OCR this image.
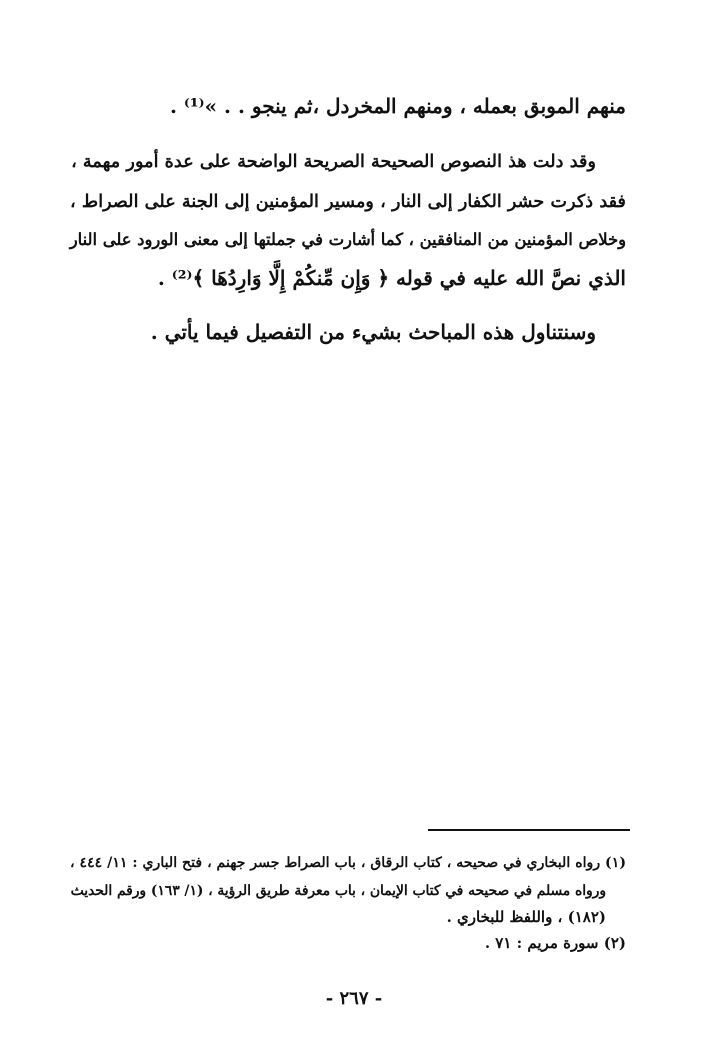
منهم الموبق بعمله ، ومنهم المخردل ،ثم ينجو . . »⁽¹⁾ .
وقد دلت هذ النصوص الصحيحة الصريحة الواضحة على عدة أمور مهمة ،
فقد ذكرت حشر الكفار إلى النار ، ومسير المؤمنين إلى الجنة على الصراط ،
وخلاص المؤمنين من المنافقين ، كما أشارت في جملتها إلى معنى الورود على النار
الذي نصَّ الله عليه في قوله ﴿ وَإِن مِّنكُمْ إِلَّا وَارِدُهَا ﴾⁽²⁾ .
وسنتناول هذه المباحث بشيء من التفصيل فيما يأتي .
(١) رواه البخاري في صحيحه ، كتاب الرقاق ، باب الصراط جسر جهنم ، فتح الباري : ١١/ ٤٤٤ ،
ورواه مسلم في صحيحه في كتاب الإيمان ، باب معرفة طريق الرؤية ، (١/ ١٦٣) ورقم الحديث
(١٨٢) ، واللفظ للبخاري .
(٢) سورة مريم : ٧١ .
- ٢٦٧ -
